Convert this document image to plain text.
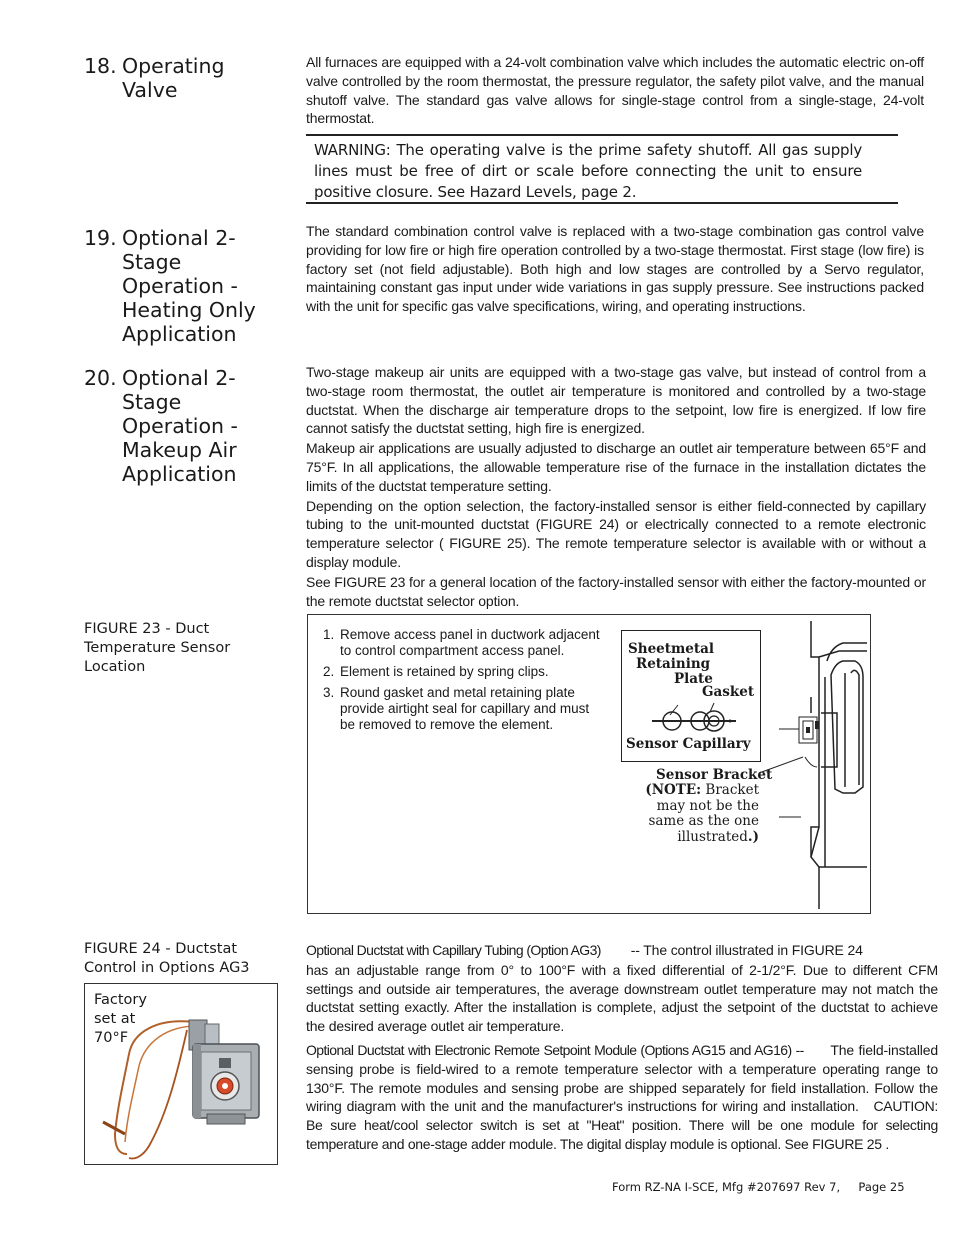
18. Operating
Valve
19. Optional 2-
Stage
Operation -
Heating Only
Application
20. Optional 2-
Stage
Operation -
Makeup Air
Application

All furnaces are equipped with a 24-volt combination valve which includes the automatic electric on-off valve controlled by the room thermostat, the pressure regulator, the safety pilot valve, and the manual shutoff valve. The standard gas valve allows for single-stage control from a single-stage, 24-volt thermostat.

WARNING: The operating valve is the prime safety shutoff. All gas supply lines must be free of dirt or scale before connecting the unit to ensure positive closure. See Hazard Levels, page 2.

The standard combination control valve is replaced with a two-stage combination gas control valve providing for low fire or high fire operation controlled by a two-stage thermostat. First stage (low fire) is factory set (not field adjustable). Both high and low stages are controlled by a Servo regulator, maintaining constant gas input under wide variations in gas supply pressure. See instructions packed with the unit for specific gas valve specifications, wiring, and operating instructions.

Two-stage makeup air units are equipped with a two-stage gas valve, but instead of control from a two-stage room thermostat, the outlet air temperature is monitored and controlled by a two-stage ductstat. When the discharge air temperature drops to the setpoint, low fire is energized. If low fire cannot satisfy the ductstat setting, high fire is energized.

Makeup air applications are usually adjusted to discharge an outlet air temperature between 65°F and 75°F. In all applications, the allowable temperature rise of the furnace in the installation dictates the limits of the ductstat temperature setting.

Depending on the option selection, the factory-installed sensor is either field-connected by capillary tubing to the unit-mounted ductstat (FIGURE 24) or electrically connected to a remote electronic temperature selector ( FIGURE 25). The remote temperature selector is available with or without a display module.

See FIGURE 23 for a general location of the factory-installed sensor with either the factory-mounted or the remote ductstat selector option.

FIGURE 23 - Duct Temperature Sensor Location
1. Remove access panel in ductwork adjacent to control compartment access panel.
2. Element is retained by spring clips.
3. Round gasket and metal retaining plate provide airtight seal for capillary and must be removed to remove the element.
Sheetmetal
Retaining
Plate
Gasket
Sensor Capillary
Sensor Bracket
(NOTE: Bracket
may not be the
same as the one
illustrated.)
FIGURE 24 - Ductstat Control in Options AG3
Factory set at 70°F

Optional Ductstat with Capillary Tubing (Option AG3) -- The control illustrated in FIGURE 24

has an adjustable range from 0° to 100°F with a fixed differential of 2-1/2°F. Due to different CFM settings and outside air temperatures, the average downstream outlet temperature may not match the ductstat setting exactly. After the installation is complete, adjust the setpoint of the ductstat to achieve the desired average outlet air temperature.

Optional Ductstat with Electronic Remote Setpoint Module (Options AG15 and AG16) -- The field-installed sensing probe is field-wired to a remote temperature selector with a temperature operating range to 130°F. The remote modules and sensing probe are shipped separately for field installation. Follow the wiring diagram with the unit and the manufacturer's instructions for wiring and installation. CAUTION: Be sure heat/cool selector switch is set at "Heat" position. There will be one module for selecting temperature and one-stage adder module. The digital display module is optional. See FIGURE 25 .

Form RZ-NA I-SCE, Mfg #207697 Rev 7, Page 25
